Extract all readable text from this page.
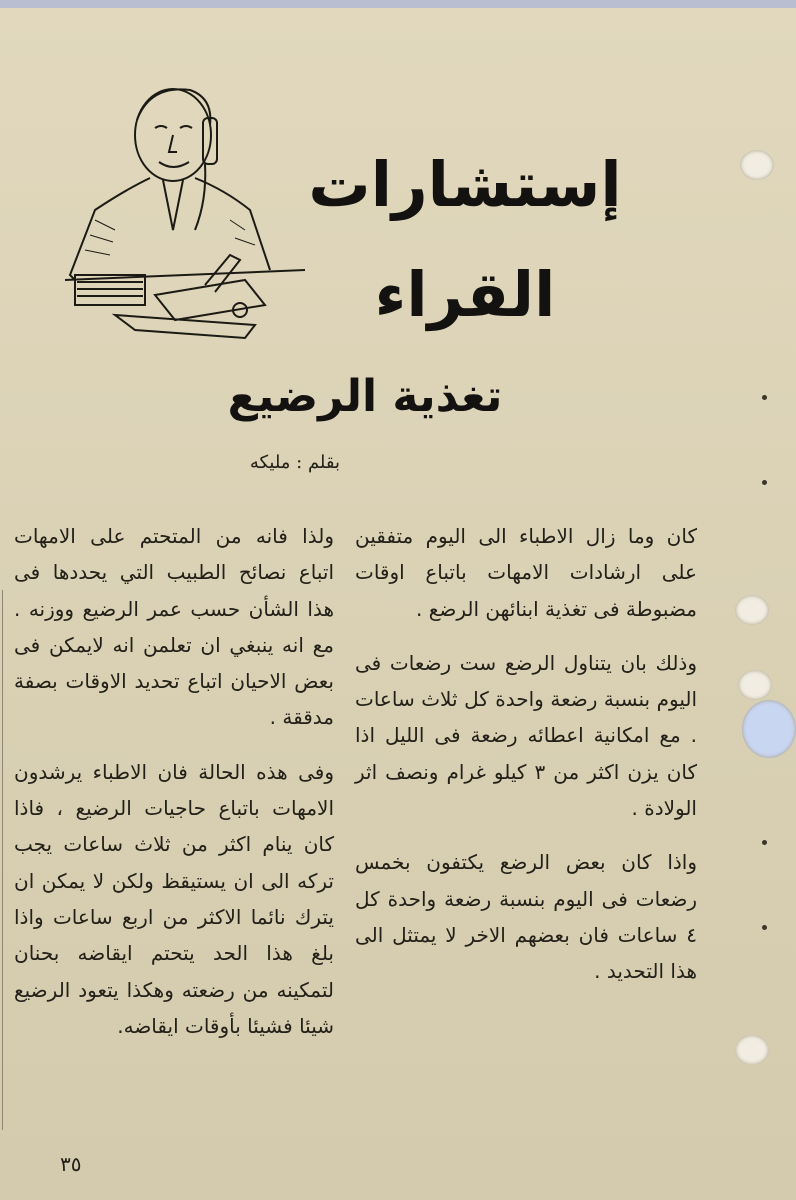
إستشارات القراء
تغذية الرضيع
بقلم : مليكه

كان وما زال الاطباء الى اليوم متفقين على ارشادات الامهات باتباع اوقات مضبوطة فى تغذية ابنائهن الرضع .

وذلك بان يتناول الرضع ست رضعات فى اليوم بنسبة رضعة واحدة كل ثلاث ساعات . مع امكانية اعطائه رضعة فى الليل اذا كان يزن اكثر من ٣ كيلو غرام ونصف اثر الولادة .

واذا كان بعض الرضع يكتفون بخمس رضعات فى اليوم بنسبة رضعة واحدة كل ٤ ساعات فان بعضهم الاخر لا يمتثل الى هذا التحديد .

ولذا فانه من المتحتم على الامهات اتباع نصائح الطبيب التي يحددها فى هذا الشأن حسب عمر الرضيع ووزنه . مع انه ينبغي ان تعلمن انه لايمكن فى بعض الاحيان اتباع تحديد الاوقات بصفة مدققة .

وفى هذه الحالة فان الاطباء يرشدون الامهات باتباع حاجيات الرضيع ، فاذا كان ينام اكثر من ثلاث ساعات يجب تركه الى ان يستيقظ ولكن لا يمكن ان يترك نائما الاكثر من اربع ساعات واذا بلغ هذا الحد يتحتم ايقاضه بحنان لتمكينه من رضعته وهكذا يتعود الرضيع شيئا فشيئا بأوقات ايقاضه.

٣٥
